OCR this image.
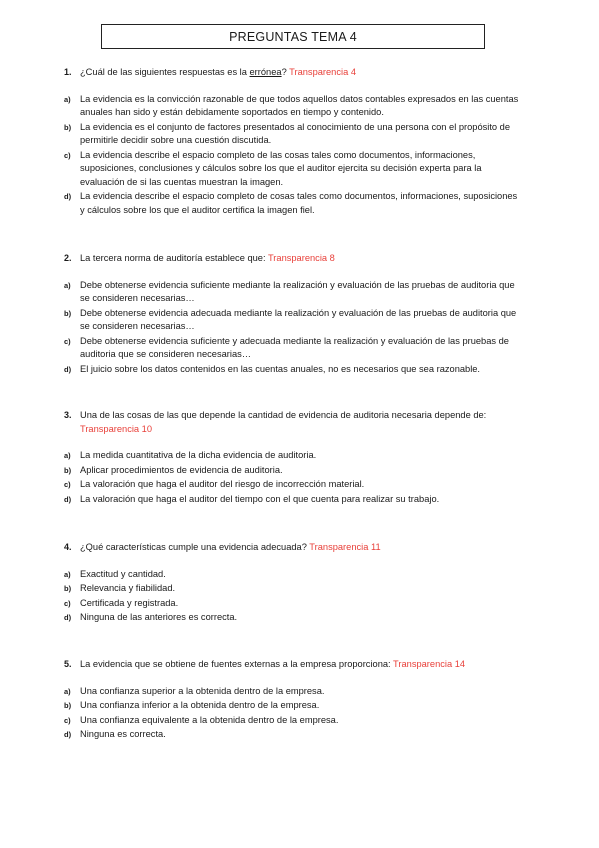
PREGUNTAS TEMA 4
1. ¿Cuál de las siguientes respuestas es la errónea? Transparencia 4
a)	La evidencia es la convicción razonable de que todos aquellos datos contables expresados en las cuentas anuales han sido y están debidamente soportados en tiempo y contenido.
b) La evidencia es el conjunto de factores presentados al conocimiento de una persona con el propósito de permitirle decidir sobre una cuestión discutida.
c)	La evidencia describe el espacio completo de las cosas tales como documentos, informaciones, suposiciones, conclusiones y cálculos sobre los que el auditor ejercita su decisión experta para la evaluación de si las cuentas muestran la imagen.
d) La evidencia describe el espacio completo de cosas tales como documentos, informaciones, suposiciones y cálculos sobre los que el auditor certifica la imagen fiel.
2. La tercera norma de auditoría establece que: Transparencia 8
a)	Debe obtenerse evidencia suficiente mediante la realización y evaluación de las pruebas de auditoria que se consideren necesarias…
b) Debe obtenerse evidencia adecuada mediante la realización y evaluación de las pruebas de auditoria que se consideren necesarias…
c)	Debe obtenerse evidencia suficiente y adecuada mediante la realización y evaluación de las pruebas de auditoria que se consideren necesarias…
d) El juicio sobre los datos contenidos en las cuentas anuales, no es necesarios que sea razonable.
3. Una de las cosas de las que depende la cantidad de evidencia de auditoria necesaria depende de: Transparencia 10
a)	La medida cuantitativa de la dicha evidencia de auditoria.
b) Aplicar procedimientos de evidencia de auditoria.
c)	La valoración que haga el auditor del riesgo de incorrección material.
d) La valoración que haga el auditor del tiempo con el que cuenta para realizar su trabajo.
4. ¿Qué características cumple una evidencia adecuada? Transparencia 11
a)	Exactitud y cantidad.
b) Relevancia y fiabilidad.
c)	Certificada y registrada.
d) Ninguna de las anteriores es correcta.
5. La evidencia que se obtiene de fuentes externas a la empresa proporciona: Transparencia 14
a)	Una confianza superior a la obtenida dentro de la empresa.
b) Una confianza inferior a la obtenida dentro de la empresa.
c)	Una confianza equivalente a la obtenida dentro de la empresa.
d) Ninguna es correcta.
